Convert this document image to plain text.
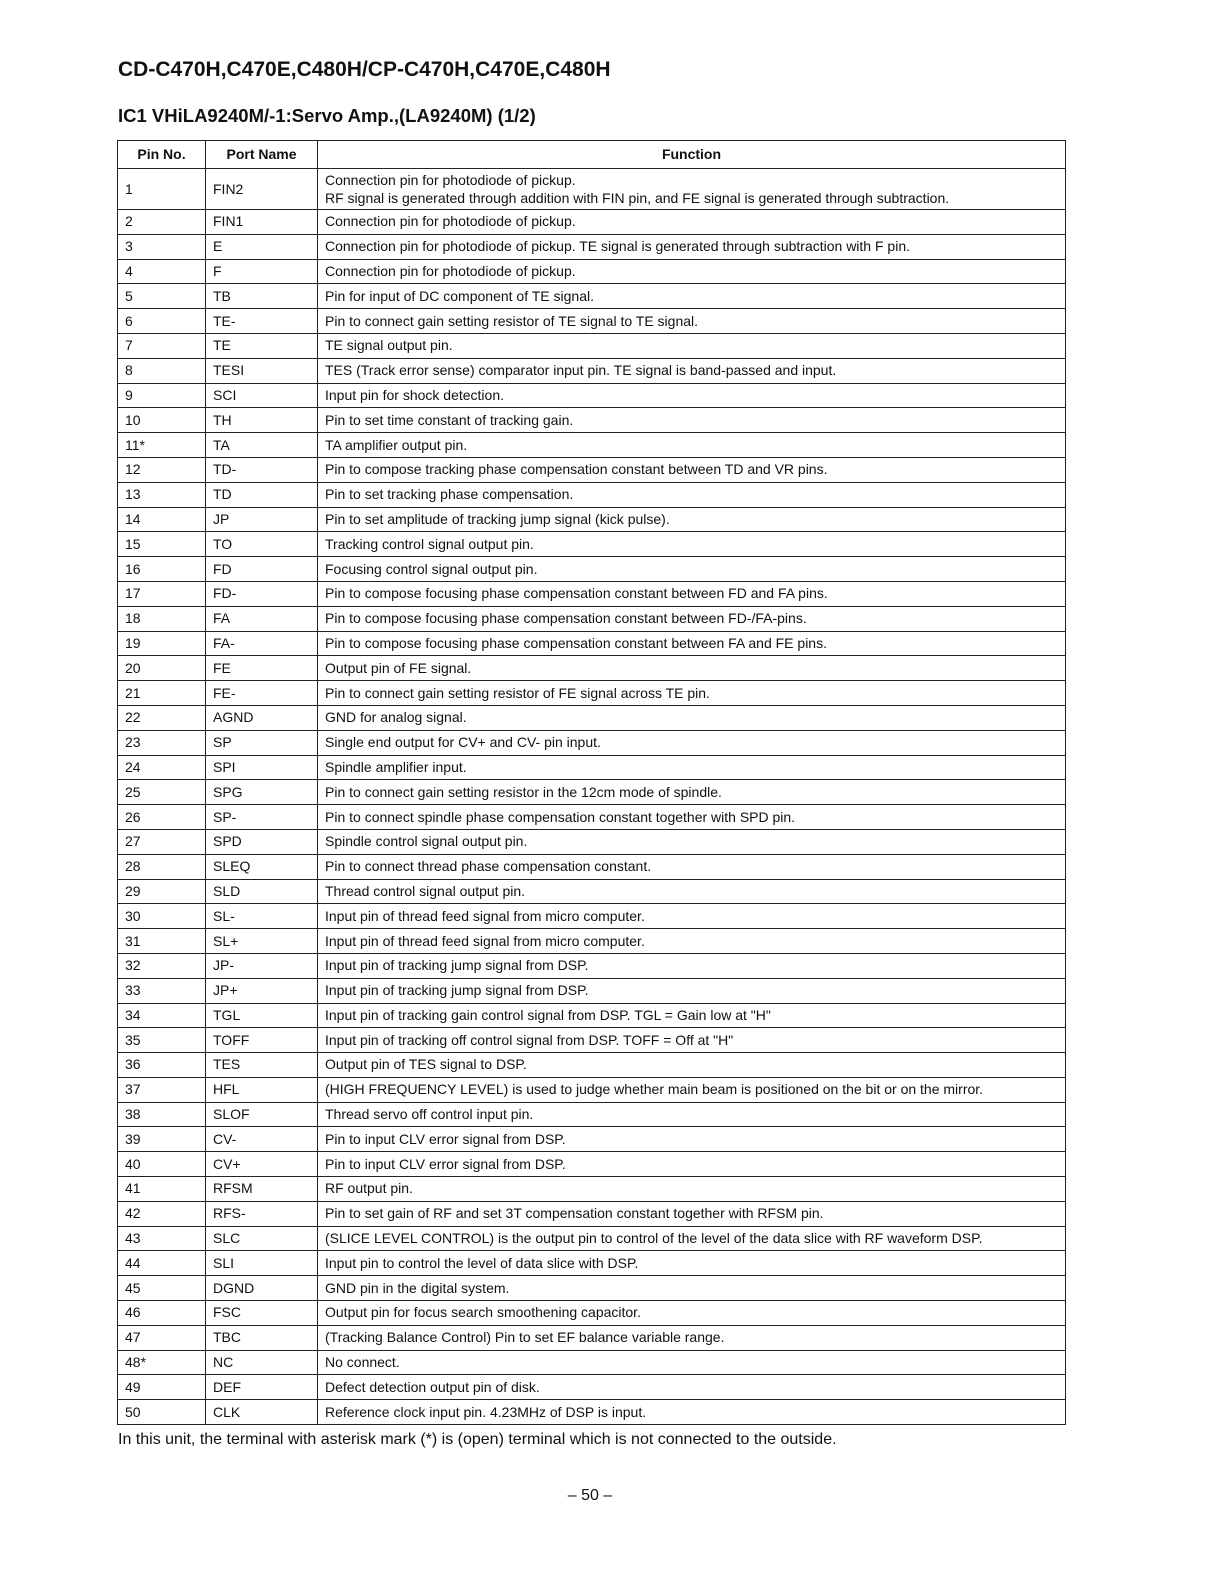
CD-C470H,C470E,C480H/CP-C470H,C470E,C480H
IC1 VHiLA9240M/-1:Servo Amp.,(LA9240M) (1/2)
Pin No.	Port Name	Function
1	FIN2	Connection pin for photodiode of pickup.
RF signal is generated through addition with FIN pin, and FE signal is generated through subtraction.

2	FIN1	Connection pin for photodiode of pickup.
3	E	Connection pin for photodiode of pickup. TE signal is generated through subtraction with F pin.
4	F	Connection pin for photodiode of pickup.
5	TB	Pin for input of DC component of TE signal.
6	TE-	Pin to connect gain setting resistor of TE signal to TE signal.
7	TE	TE signal output pin.
8	TESI	TES (Track error sense) comparator input pin. TE signal is band-passed and input.
9	SCI	Input pin for shock detection.
10	TH	Pin to set time constant of tracking gain.
11*	TA	TA amplifier output pin.
12	TD-	Pin to compose tracking phase compensation constant between TD and VR pins.
13	TD	Pin to set tracking phase compensation.
14	JP	Pin to set amplitude of tracking jump signal (kick pulse).
15	TO	Tracking control signal output pin.
16	FD	Focusing control signal output pin.
17	FD-	Pin to compose focusing phase compensation constant between FD and FA pins.
18	FA	Pin to compose focusing phase compensation constant between FD-/FA-pins.
19	FA-	Pin to compose focusing phase compensation constant between FA and FE pins.
20	FE	Output pin of FE signal.
21	FE-	Pin to connect gain setting resistor of FE signal across TE pin.
22	AGND	GND for analog signal.
23	SP	Single end output for CV+ and CV- pin input.
24	SPI	Spindle amplifier input.
25	SPG	Pin to connect gain setting resistor in the 12cm mode of spindle.
26	SP-	Pin to connect spindle phase compensation constant together with SPD pin.
27	SPD	Spindle control signal output pin.
28	SLEQ	Pin to connect thread phase compensation constant.
29	SLD	Thread control signal output pin.
30	SL-	Input pin of thread feed signal from micro computer.
31	SL+	Input pin of thread feed signal from micro computer.
32	JP-	Input pin of tracking jump signal from DSP.
33	JP+	Input pin of tracking jump signal from DSP.
34	TGL	Input pin of tracking gain control signal from DSP. TGL = Gain low at "H"
35	TOFF	Input pin of tracking off control signal from DSP. TOFF = Off at "H"
36	TES	Output pin of TES signal to DSP.
37	HFL	(HIGH FREQUENCY LEVEL) is used to judge whether main beam is positioned on the bit or on the mirror.
38	SLOF	Thread servo off control input pin.
39	CV-	Pin to input CLV error signal from DSP.
40	CV+	Pin to input CLV error signal from DSP.
41	RFSM	RF output pin.
42	RFS-	Pin to set gain of RF and set 3T compensation constant together with RFSM pin.
43	SLC	(SLICE LEVEL CONTROL) is the output pin to control of the level of the data slice with RF waveform DSP.
44	SLI	Input pin to control the level of data slice with DSP.
45	DGND	GND pin in the digital system.
46	FSC	Output pin for focus search smoothening capacitor.
47	TBC	(Tracking Balance Control) Pin to set EF balance variable range.
48*	NC	No connect.
49	DEF	Defect detection output pin of disk.
50	CLK	Reference clock input pin. 4.23MHz of DSP is input.

In this unit, the terminal with asterisk mark (*) is (open) terminal which is not connected to the outside.

– 50 –
